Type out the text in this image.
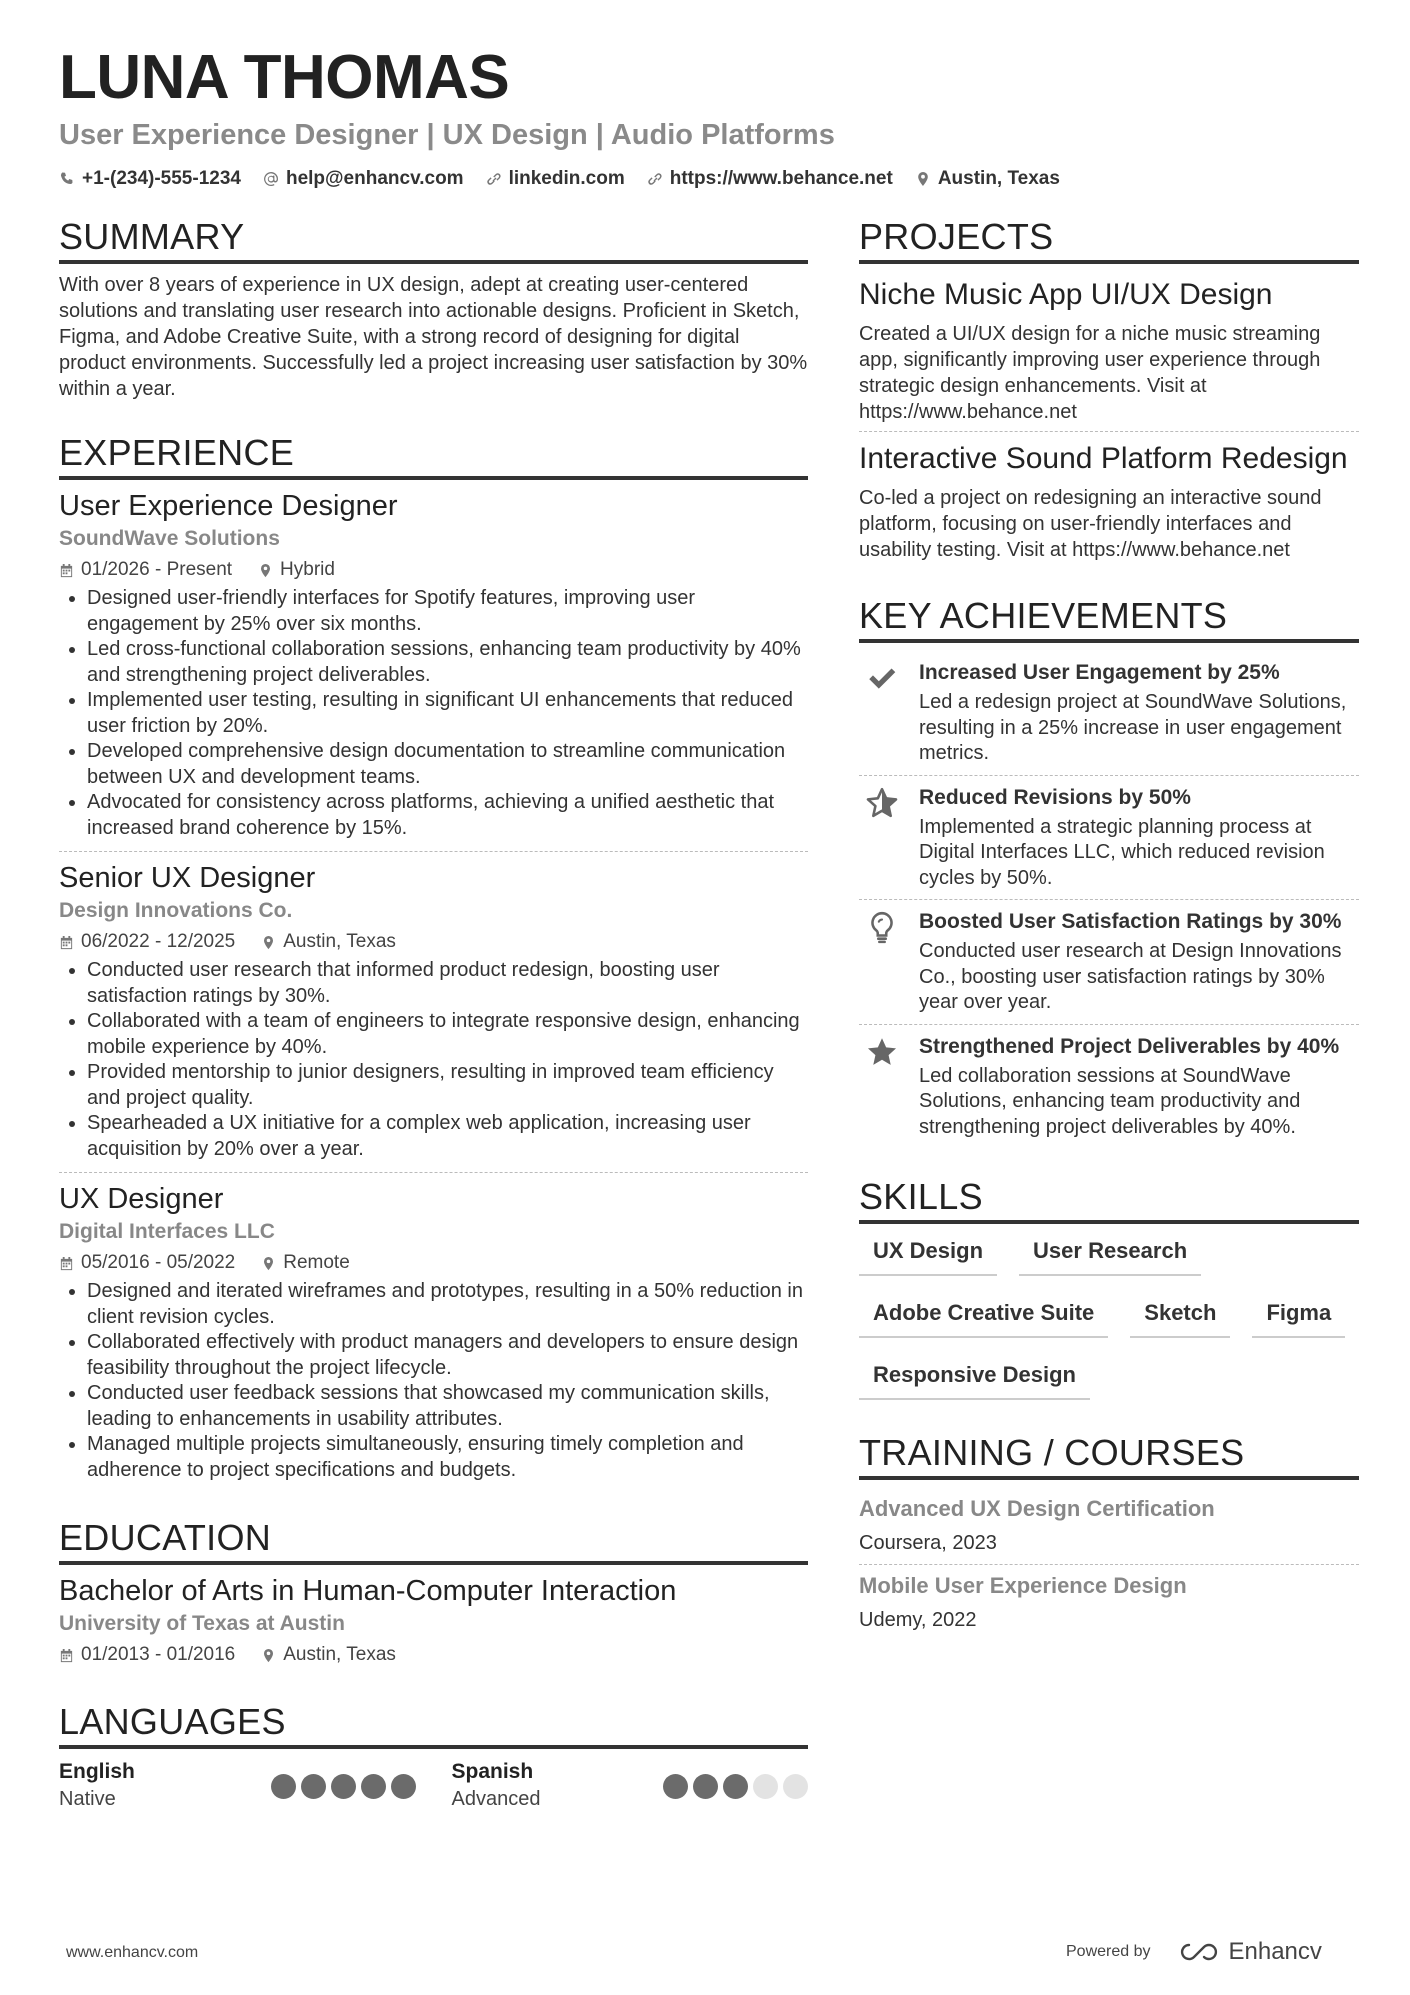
LUNA THOMAS
User Experience Designer | UX Design | Audio Platforms
+1-(234)-555-1234 help@enhancv.com linkedin.com https://www.behance.net Austin, Texas
SUMMARY
With over 8 years of experience in UX design, adept at creating user-centered solutions and translating user research into actionable designs. Proficient in Sketch, Figma, and Adobe Creative Suite, with a strong record of designing for digital product environments. Successfully led a project increasing user satisfaction by 30% within a year.
EXPERIENCE
User Experience Designer
SoundWave Solutions
01/2026 - Present	Hybrid
• Designed user-friendly interfaces for Spotify features, improving user engagement by 25% over six months.
• Led cross-functional collaboration sessions, enhancing team productivity by 40% and strengthening project deliverables.
• Implemented user testing, resulting in significant UI enhancements that reduced user friction by 20%.
• Developed comprehensive design documentation to streamline communication between UX and development teams.
• Advocated for consistency across platforms, achieving a unified aesthetic that increased brand coherence by 15%.
Senior UX Designer
Design Innovations Co.
06/2022 - 12/2025	Austin, Texas
• Conducted user research that informed product redesign, boosting user satisfaction ratings by 30%.
• Collaborated with a team of engineers to integrate responsive design, enhancing mobile experience by 40%.
• Provided mentorship to junior designers, resulting in improved team efficiency and project quality.
• Spearheaded a UX initiative for a complex web application, increasing user acquisition by 20% over a year.
UX Designer
Digital Interfaces LLC
05/2016 - 05/2022	Remote
• Designed and iterated wireframes and prototypes, resulting in a 50% reduction in client revision cycles.
• Collaborated effectively with product managers and developers to ensure design feasibility throughout the project lifecycle.
• Conducted user feedback sessions that showcased my communication skills, leading to enhancements in usability attributes.
• Managed multiple projects simultaneously, ensuring timely completion and adherence to project specifications and budgets.
EDUCATION
Bachelor of Arts in Human-Computer Interaction
University of Texas at Austin
01/2013 - 01/2016	Austin, Texas
LANGUAGES
English
Native
Spanish
Advanced
PROJECTS
Niche Music App UI/UX Design
Created a UI/UX design for a niche music streaming app, significantly improving user experience through strategic design enhancements. Visit at https://www.behance.net
Interactive Sound Platform Redesign
Co-led a project on redesigning an interactive sound platform, focusing on user-friendly interfaces and usability testing. Visit at https://www.behance.net
KEY ACHIEVEMENTS
Increased User Engagement by 25%
Led a redesign project at SoundWave Solutions, resulting in a 25% increase in user engagement metrics.
Reduced Revisions by 50%
Implemented a strategic planning process at Digital Interfaces LLC, which reduced revision cycles by 50%.
Boosted User Satisfaction Ratings by 30%
Conducted user research at Design Innovations Co., boosting user satisfaction ratings by 30% year over year.
Strengthened Project Deliverables by 40%
Led collaboration sessions at SoundWave Solutions, enhancing team productivity and strengthening project deliverables by 40%.
SKILLS
UX Design	User Research
Adobe Creative Suite	Sketch	Figma
Responsive Design
TRAINING / COURSES
Advanced UX Design Certification
Coursera, 2023
Mobile User Experience Design
Udemy, 2022
www.enhancv.com	Powered by	Enhancv
